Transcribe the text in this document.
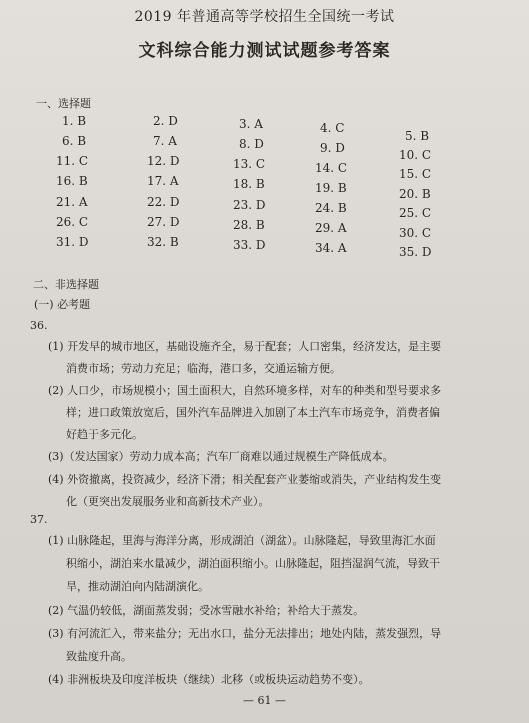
2019 年普通高等学校招生全国统一考试
文科综合能力测试试题参考答案
一、选择题
1. B
6. B
11. C
16. B
21. A
26. C
31. D
2. D
7. A
12. D
17. A
22. D
27. D
32. B
3. A
8. D
13. C
18. B
23. D
28. B
33. D
4. C
9. D
14. C
19. B
24. B
29. A
34. A
5. B
10. C
15. C
20. B
25. C
30. C
35. D
二、非选择题
(一) 必考题
36.
(1) 开发早的城市地区，基础设施齐全，易于配套；人口密集，经济发达，是主要
消费市场；劳动力充足；临海，港口多，交通运输方便。
(2) 人口少，市场规模小；国土面积大，自然环境多样，对车的种类和型号要求多
样；进口政策放宽后，国外汽车品牌进入加剧了本土汽车市场竞争，消费者偏
好趋于多元化。
(3)（发达国家）劳动力成本高；汽车厂商难以通过规模生产降低成本。
(4) 外资撤离，投资减少，经济下滑；相关配套产业萎缩或消失，产业结构发生变
化（更突出发展服务业和高新技术产业）。
37.
(1) 山脉隆起，里海与海洋分离，形成湖泊（湖盆）。山脉隆起，导致里海汇水面
积缩小，湖泊来水量减少，湖泊面积缩小。山脉隆起，阻挡湿润气流，导致干
旱，推动湖泊向内陆湖演化。
(2) 气温仍较低，湖面蒸发弱；受冰雪融水补给；补给大于蒸发。
(3) 有河流汇入，带来盐分；无出水口，盐分无法排出；地处内陆，蒸发强烈，导
致盐度升高。
(4) 非洲板块及印度洋板块（继续）北移（或板块运动趋势不变）。
— 61 —
